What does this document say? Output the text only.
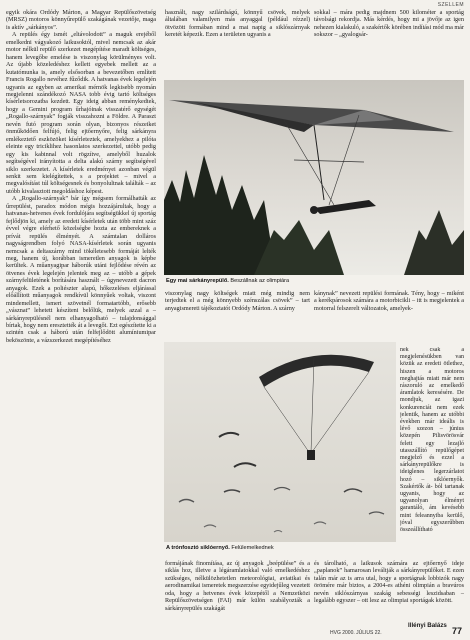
SZELLEM

egyik okára Ordódy Márton, a Magyar Repülőszövetség (MRSZ) motoros könnyűrepülő szakágának vezetője, maga is aktív „sárkányos”.

A repülés égy ismét „eltávolodott” a maguk erejéből emelkedni vágyakozó laikusoktól, mivel nemcsak az akár motor nélkül repülő szerkezet megépítése maradt költséges, hanem levegőbe emelése is viszonylag körülményes volt. Az újabb közeledéshez kellett egyebek mellett az a kutatómunka is, amely elsősorban a bevezetőben említett Francis Rogallo nevéhez fűződik. A hatvanas évek legelején ugyanis az egyben az amerikai mérnök legkisebb nyomán megjelenni szándékozó NASA tobb évig tartó költséges kísérletsorozatba kezdett. Egy ideig abban reménykedtek, hogy a Gemini program űrhajóinak visszatérő egységét „Rogallo-szárnyak” fogják visszahozni a Földre. A Paraszt nevén futó program során olyan, bizonyos részeiket önműködően felfújó, felig ejtőernyőre, felig sárkányra emlékeztető eszközöket kísérleteztek, amelyekhez a pilóta eleinte egy triciklihez hasonlatos szerkezettel, utóbb pedig egy kis kabinnal volt rögzítve, amelyből huzalok segítségével irányította a delta alakú szárny segítségével siklo szerkezetet. A kísérletek eredményei azonban végül senkit sem kielégítettek, s a projektet – mivel a megvalósítást túl költségesnek és bonyolultnak találták – az utóbb kivalasztott megoldáshoz képest.

A „Rogallo-szárnyak” bár így mégsem formálhatták az űrrepülést, paradox módon mégis hozzájárultak, hogy a hatvanas-hetvenes évek fordulójára segítségükkel új sportág fejlődjön ki, amely az eredeti kísérletek után több mint száz évvel végre elérhető közelségbe hozta az embereknek a prívát repülés élményét. A számtalan dolláros nagyságrendben folyó NASA-kísérletek során ugyanis nemcsak a deltaszárny mind tökéletesebb formáját lelték meg, hanem új, korábban ismeretlen anyagok is képbe kerültek. A műanyagipar háborúk utáni fejlődése révén az ötvenes évek legelején jelentek meg az – utóbb a gépek szárnyfelületének borítására használt – úgynevezett dacron anyagok. Ezek a poliészter alapú, hőkezeléses eljárással előállított műanyagok rendkívül könnyűek voltak, viszont mindemellett, ismert szövetnél formatartóbb, erősebb „vásznat” lehetett készíteni belőlük, melyek azzal a – sárkányrepülésnél nem elhanyagolható – tulajdonsággal bírtak, hogy nem eresztették át a levegőt. Ezt egészítette ki a szintén csak a háború után felfejlődött alumíniumipar beköszönte, a vázszerkezet megépítéséhez

használt, nagy szilárdságú, könnyű csövek, melyek általában valamilyen más anyaggal (például rézzel) ötvözött formában mind a mai napig a siklószárnyak keretét képezik. Ezen a területen ugyanis a

sokkal – mára pedig majdnem 500 kilométer a sportág távolsági rekordja. Más kérdés, hogy mi a jövője az igen nehezen kialakuló, a szakértők körében indítási mód ma már sokszor – „gyalogsár-

Egy mai sárkányrepülő. Beszállnak az olimpiára

viszonylag nagy költségek miatt még mindig nem terjedtek el a még könnyebb szénszálas csövek” – tart anyagismereti tájékoztatót Ordódy Márton. A szárny

kánynak” nevezett repülési formának. Tény, hogy – miként a kerékpárosok számára a motorbicikli – itt is megjelentek a motorral felszerelt változatok, amelyek-

A trónfosztó siklóernyő. Felülemelkednek

nek csak a megjelenésükben van közük az eredeti ötlethez, hiszen a motoros meghajtás miatt már nem rászoruló az emelkedő áramlatok keresésére. De mondjuk, az igazi konkurenciát nem ezek jelentik, hanem az utóbbi években már ideális is lévő szezon – június közepén Pilisvörösvár felett egy lezajló utasszállító repülőgépet megjelző és ezzel a sárkányrepülőkre is ideiglenes legerzárlatot hozó – siklóernyők. Szakértők át- ból tartanak ugyanis, hogy az ugyanolyan élményt garantáló, ám kevésebb mint feleannyiba kerülő, jóval egyszerűbben összeállítható

formájának finomítása, az új anyagok „beépülése” és a siklás hoz, illetve a légáramlatokkal való emelkedéshez szükséges, nélkülözhetetlen meteorológiai, aviatikai és aerodinamikai ismeretek megszerzése egyidejűleg vezetett oda, hogy a hetvenes évek közepétől a Nemzetközi Repülőszövetségen (FAI) már külön szabályozták a sárkányrepülés szakágát

és tárolható, a laikusok számára az ejtőernyő ideje „paplanok” hamarosan leváltják a sárkányrepülőket. E ezen talán már az is arra utal, hogy a sportágnak lobbizók nagy örömére már biztos, a 2004-es athéni olimpián a bravúros nevén siklószárnyas szakág sebességi leszidsaban – legalább egyszer – ott lesz az olimpiai sportágak között.

Illényi Balázs
HVG 2000. JÚLIUS 22.	77
